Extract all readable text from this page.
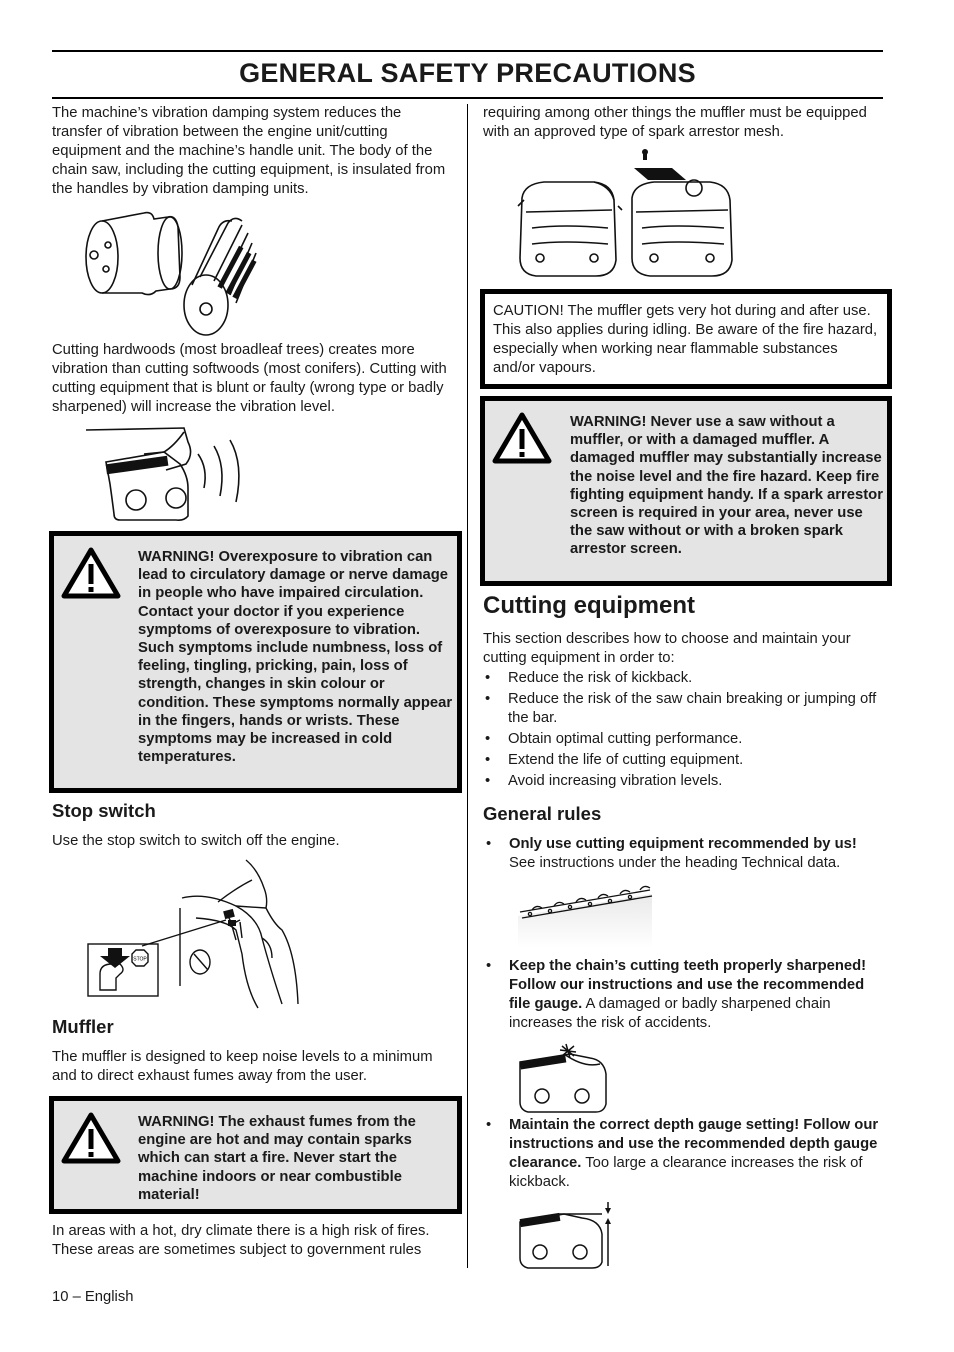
GENERAL SAFETY PRECAUTIONS

The machine’s vibration damping system reduces the transfer of vibration between the engine unit/cutting equipment and the machine’s handle unit. The body of the chain saw, including the cutting equipment, is insulated from the handles by vibration damping units.

Cutting hardwoods (most broadleaf trees) creates more vibration than cutting softwoods (most conifers). Cutting with cutting equipment that is blunt or faulty (wrong type or badly sharpened) will increase the vibration level.

WARNING! Overexposure to vibration can lead to circulatory damage or nerve damage in people who have impaired circulation. Contact your doctor if you experience symptoms of overexposure to vibration. Such symptoms include numbness, loss of feeling, tingling, pricking, pain, loss of strength, changes in skin colour or condition. These symptoms normally appear in the fingers, hands or wrists. These symptoms may be increased in cold temperatures.

Stop switch

Use the stop switch to switch off the engine.

STOP
Muffler

The muffler is designed to keep noise levels to a minimum and to direct exhaust fumes away from the user.

WARNING! The exhaust fumes from the engine are hot and may contain sparks which can start a fire. Never start the machine indoors or near combustible material!

In areas with a hot, dry climate there is a high risk of fires. These areas are sometimes subject to government rules

requiring among other things the muffler must be equipped with an approved type of spark arrestor mesh.

CAUTION! The muffler gets very hot during and after use. This also applies during idling. Be aware of the fire hazard, especially when working near flammable substances and/or vapours.

WARNING! Never use a saw without a muffler, or with a damaged muffler. A damaged muffler may substantially increase the noise level and the fire hazard. Keep fire fighting equipment handy. If a spark arrestor screen is required in your area, never use the saw without or with a broken spark arrestor screen.

Cutting equipment

This section describes how to choose and maintain your cutting equipment in order to:

• Reduce the risk of kickback.
• Reduce the risk of the saw chain breaking or jumping off the bar.
• Obtain optimal cutting performance.
• Extend the life of cutting equipment.
• Avoid increasing vibration levels.
General rules
• Only use cutting equipment recommended by us! See instructions under the heading Technical data.
• Keep the chain’s cutting teeth properly sharpened! Follow our instructions and use the recommended file gauge. A damaged or badly sharpened chain increases the risk of accidents.
• Maintain the correct depth gauge setting! Follow our instructions and use the recommended depth gauge clearance. Too large a clearance increases the risk of kickback.
10 – English
